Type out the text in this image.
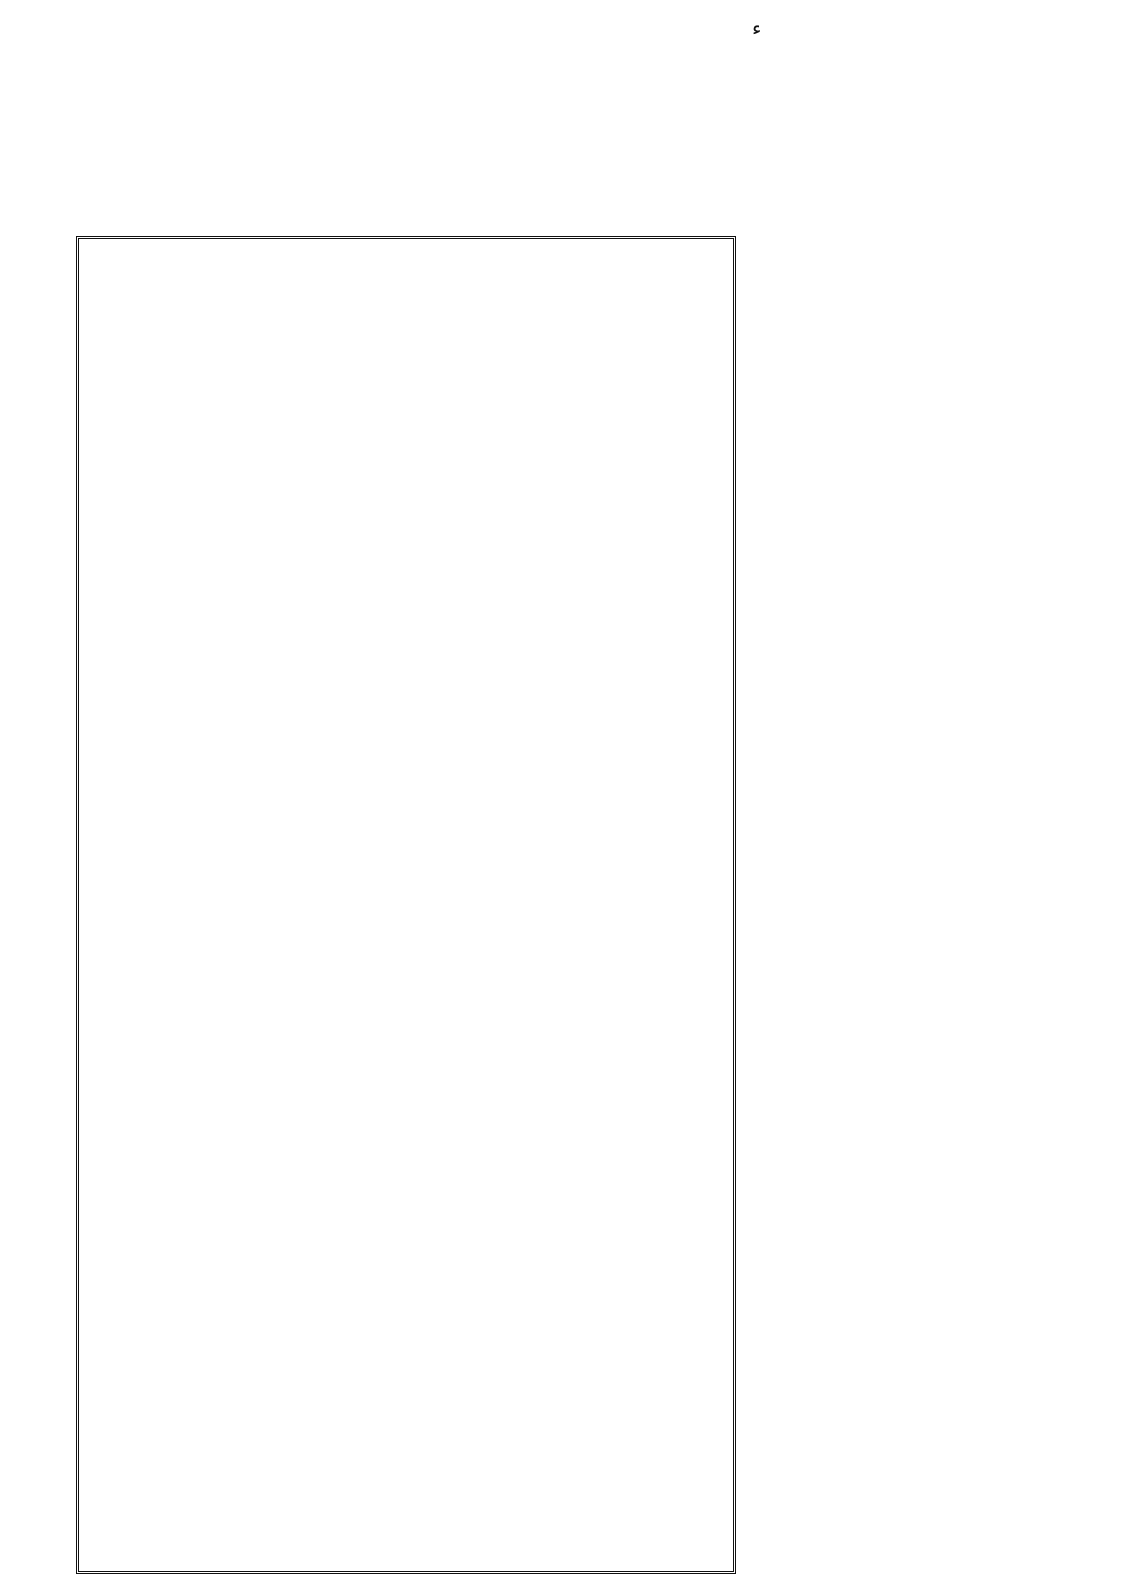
ء
